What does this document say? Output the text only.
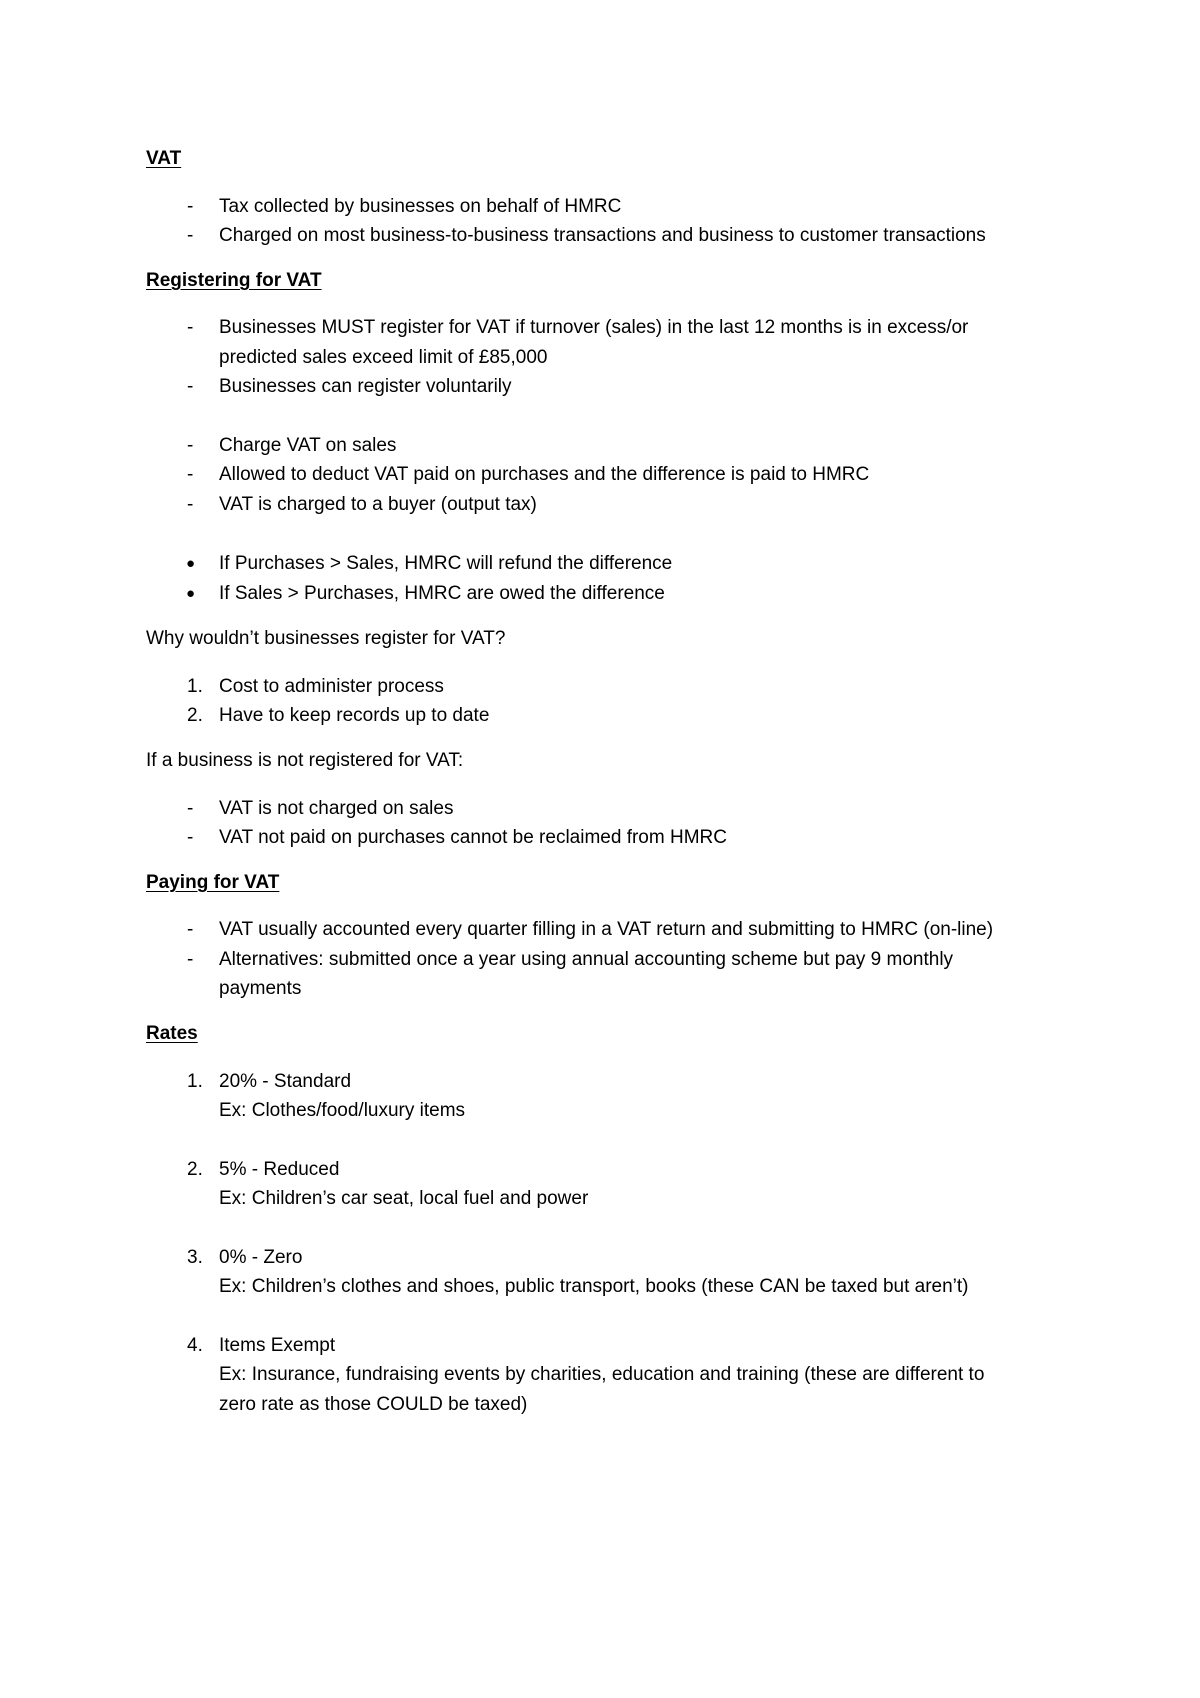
VAT

- Tax collected by businesses on behalf of HMRC

- Charged on most business-to-business transactions and business to customer transactions

Registering for VAT

- Businesses MUST register for VAT if turnover (sales) in the last 12 months is in excess/or

predicted sales exceed limit of £85,000

- Businesses can register voluntarily

- Charge VAT on sales

- Allowed to deduct VAT paid on purchases and the difference is paid to HMRC

- VAT is charged to a buyer (output tax)

● If Purchases > Sales, HMRC will refund the difference

● If Sales > Purchases, HMRC are owed the difference

Why wouldn’t businesses register for VAT?

1. Cost to administer process

2. Have to keep records up to date

If a business is not registered for VAT:

- VAT is not charged on sales

- VAT not paid on purchases cannot be reclaimed from HMRC

Paying for VAT

- VAT usually accounted every quarter filling in a VAT return and submitting to HMRC (on-line)

- Alternatives: submitted once a year using annual accounting scheme but pay 9 monthly

payments

Rates

1. 20% - Standard

Ex: Clothes/food/luxury items

2. 5% - Reduced

Ex: Children’s car seat, local fuel and power

3. 0% - Zero

Ex: Children’s clothes and shoes, public transport, books (these CAN be taxed but aren’t)

4. Items Exempt

Ex: Insurance, fundraising events by charities, education and training (these are different to

zero rate as those COULD be taxed)
